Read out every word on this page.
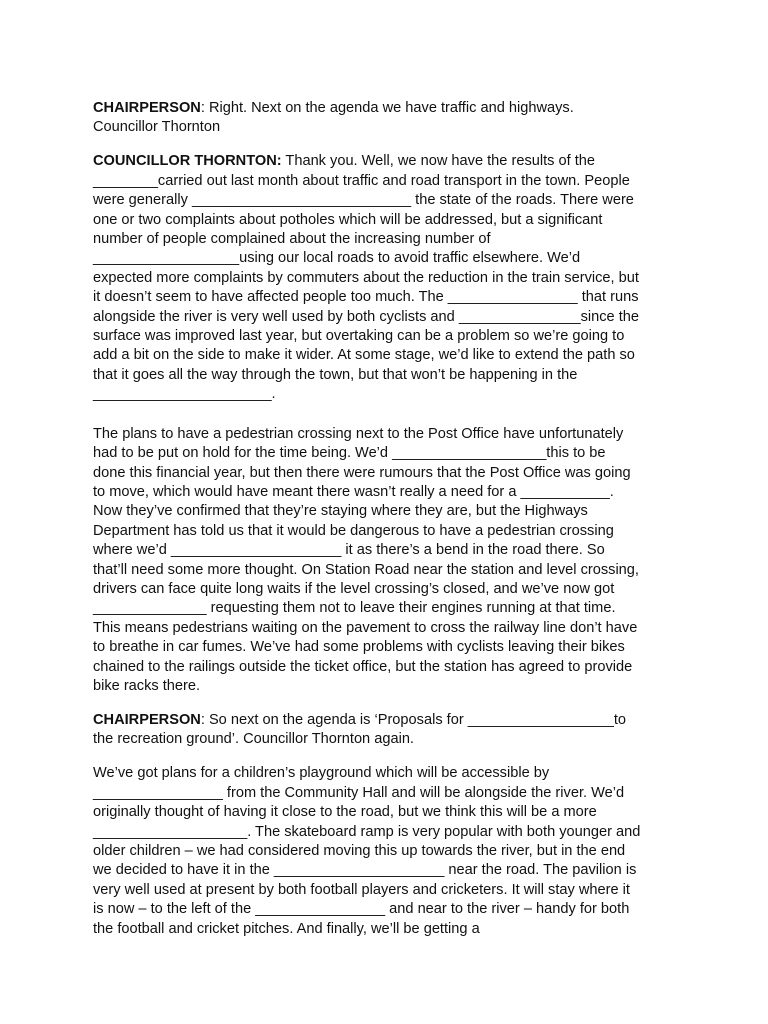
CHAIRPERSON: Right. Next on the agenda we have traffic and highways.
Councillor Thornton
COUNCILLOR THORNTON: Thank you. Well, we now have the results of the
________carried out last month about traffic and road transport in the town. People
were generally ___________________________ the state of the roads. There were
one or two complaints about potholes which will be addressed, but a significant
number of people complained about the increasing number of
__________________using our local roads to avoid traffic elsewhere. We’d
expected more complaints by commuters about the reduction in the train service, but
it doesn’t seem to have affected people too much. The ________________ that runs
alongside the river is very well used by both cyclists and _______________since the
surface was improved last year, but overtaking can be a problem so we’re going to
add a bit on the side to make it wider. At some stage, we’d like to extend the path so
that it goes all the way through the town, but that won’t be happening in the
______________________.
The plans to have a pedestrian crossing next to the Post Office have unfortunately
had to be put on hold for the time being. We’d ___________________this to be
done this financial year, but then there were rumours that the Post Office was going
to move, which would have meant there wasn’t really a need for a ___________.
Now they’ve confirmed that they’re staying where they are, but the Highways
Department has told us that it would be dangerous to have a pedestrian crossing
where we’d _____________________ it as there’s a bend in the road there. So
that’ll need some more thought. On Station Road near the station and level crossing,
drivers can face quite long waits if the level crossing’s closed, and we’ve now got
______________ requesting them not to leave their engines running at that time.
This means pedestrians waiting on the pavement to cross the railway line don’t have
to breathe in car fumes. We’ve had some problems with cyclists leaving their bikes
chained to the railings outside the ticket office, but the station has agreed to provide
bike racks there.
CHAIRPERSON: So next on the agenda is ‘Proposals for __________________to
the recreation ground’. Councillor Thornton again.
We’ve got plans for a children’s playground which will be accessible by
________________ from the Community Hall and will be alongside the river. We’d
originally thought of having it close to the road, but we think this will be a more
___________________. The skateboard ramp is very popular with both younger and
older children – we had considered moving this up towards the river, but in the end
we decided to have it in the _____________________ near the road. The pavilion is
very well used at present by both football players and cricketers. It will stay where it
is now – to the left of the ________________ and near to the river – handy for both
the football and cricket pitches. And finally, we’ll be getting a
